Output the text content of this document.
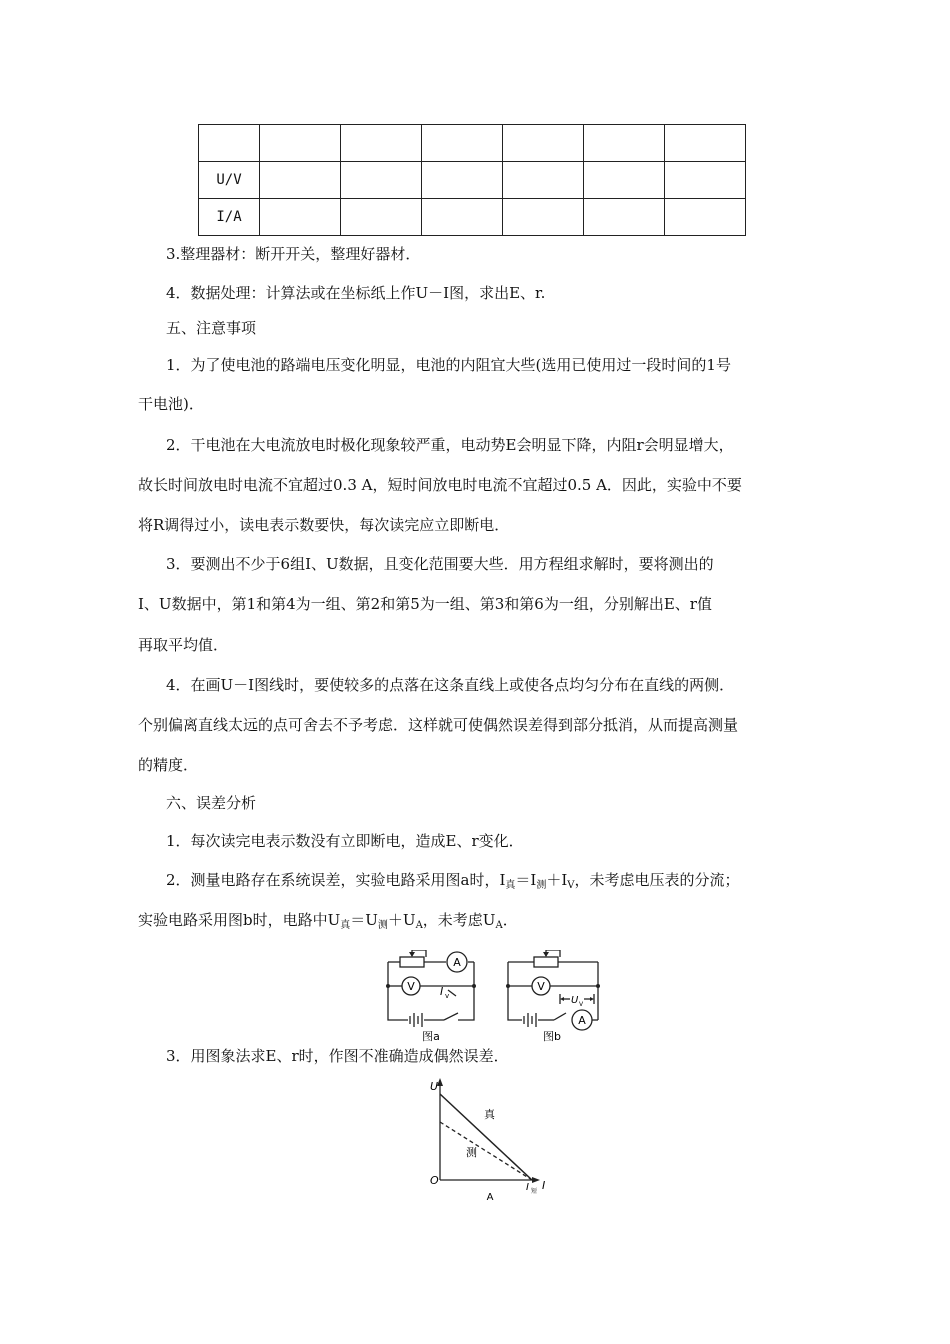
U/V						
I/A						
3.整理器材：断开开关，整理好器材．
4．数据处理：计算法或在坐标纸上作U－I图，求出E、r.
五、注意事项
1．为了使电池的路端电压变化明显，电池的内阻宜大些(选用已使用过一段时间的1号
干电池)．
2．干电池在大电流放电时极化现象较严重，电动势E会明显下降，内阻r会明显增大，
故长时间放电时电流不宜超过0.3 A，短时间放电时电流不宜超过0.5 A．因此，实验中不要
将R调得过小，读电表示数要快，每次读完应立即断电．
3．要测出不少于6组I、U数据，且变化范围要大些．用方程组求解时，要将测出的
I、U数据中，第1和第4为一组、第2和第5为一组、第3和第6为一组，分别解出E、r值
再取平均值．
4．在画U－I图线时，要使较多的点落在这条直线上或使各点均匀分布在直线的两侧．
个别偏离直线太远的点可舍去不予考虑．这样就可使偶然误差得到部分抵消，从而提高测量
的精度．
六、误差分析
1．每次读完电表示数没有立即断电，造成E、r变化．
2．测量电路存在系统误差，实验电路采用图a时，$I_真=I_测+I_V$，未考虑电压表的分流；
实验电路采用图b时，电路中$U_真=U_测+U_A$，未考虑$U_A$．
A
V I v
图a
V
A
U V
图b
3．用图象法求E、r时，作图不准确造成偶然误差．
U
I
O
真
测
I 短
A
